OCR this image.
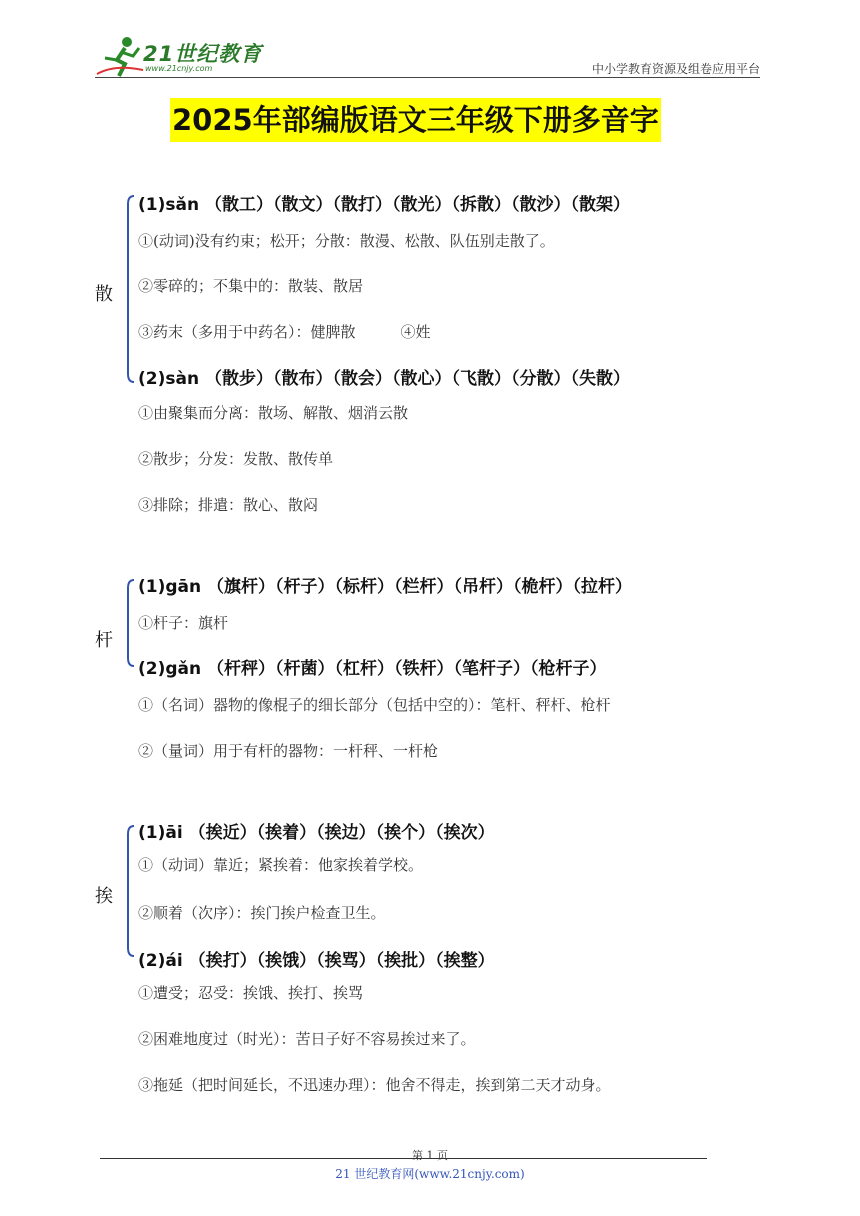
21世纪教育
www.21cnjy.com	中小学教育资源及组卷应用平台
2025年部编版语文三年级下册多音字
散
(1)sǎn （散工）（散文）（散打）（散光）（拆散）（散沙）（散架）
①(动词)没有约束；松开；分散：散漫、松散、队伍别走散了。
②零碎的；不集中的：散装、散居
③药末（多用于中药名）：健脾散　　　④姓
(2)sàn （散步）（散布）（散会）（散心）（飞散）（分散）（失散）
①由聚集而分离：散场、解散、烟消云散
②散步；分发：发散、散传单
③排除；排遣：散心、散闷
杆
(1)gān （旗杆）（杆子）（标杆）（栏杆）（吊杆）（桅杆）（拉杆）
①杆子：旗杆
(2)gǎn （杆秤）（杆菌）（杠杆）（铁杆）（笔杆子）（枪杆子）
①（名词）器物的像棍子的细长部分（包括中空的）：笔杆、秤杆、枪杆
②（量词）用于有杆的器物：一杆秤、一杆枪
挨
(1)āi （挨近）（挨着）（挨边）（挨个）（挨次）
①（动词）靠近；紧挨着：他家挨着学校。
②顺着（次序）：挨门挨户检查卫生。
(2)ái （挨打）（挨饿）（挨骂）（挨批）（挨整）
①遭受；忍受：挨饿、挨打、挨骂
②困难地度过（时光）：苦日子好不容易挨过来了。
③拖延（把时间延长，不迅速办理）：他舍不得走，挨到第二天才动身。
第 1 页
21 世纪教育网(www.21cnjy.com)
